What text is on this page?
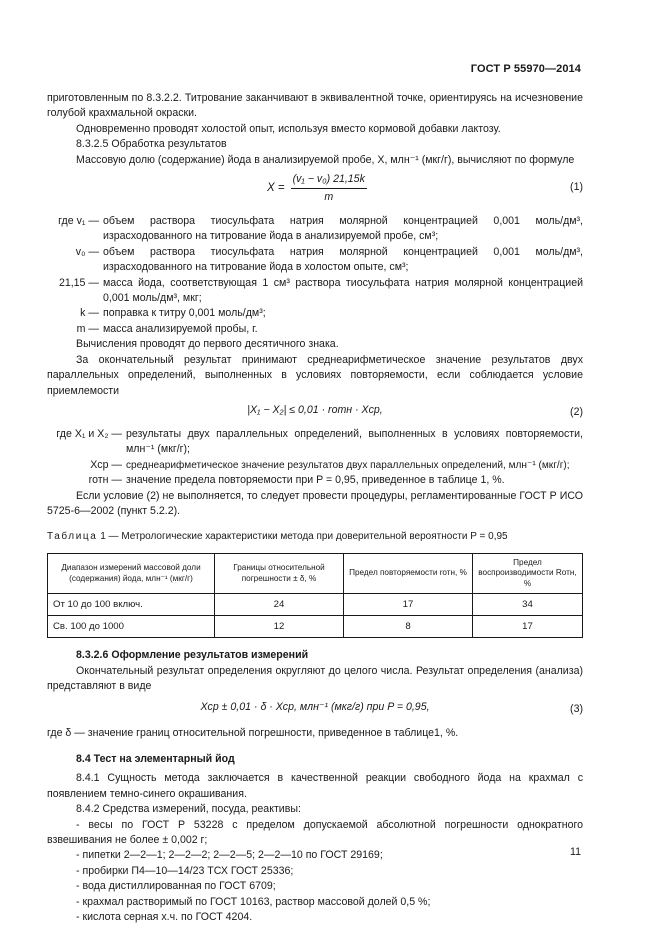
ГОСТ Р 55970—2014

приготовленным по 8.3.2.2. Титрование заканчивают в эквивалентной точке, ориентируясь на исчезновение голубой крахмальной окраски.

Одновременно проводят холостой опыт, используя вместо кормовой добавки лактозу.

8.3.2.5 Обработка результатов

Массовую долю (содержание) йода в анализируемой пробе, X, млн⁻¹ (мкг/г), вычисляют по формуле

$X = \frac{\text{(v₁ − v₀) 21,15k}}{m}$	(1)
где v₁ — объем раствора тиосульфата натрия молярной концентрацией 0,001 моль/дм³, израсходованного на титрование йода в анализируемой пробе, см³;
v₀ — объем раствора тиосульфата натрия молярной концентрацией 0,001 моль/дм³, израсходованного на титрование йода в холостом опыте, см³;
21,15 — масса йода, соответствующая 1 см³ раствора тиосульфата натрия молярной концентрацией 0,001 моль/дм³, мкг;
k — поправка к титру 0,001 моль/дм³;
m — масса анализируемой пробы, г.

Вычисления проводят до первого десятичного знака.

За окончательный результат принимают среднеарифметическое значение результатов двух параллельных определений, выполненных в условиях повторяемости, если соблюдается условие приемлемости

|X₁ − X₂| ≤ 0,01 · rотн · Xср,	(2)
где X₁ и X₂ — результаты двух параллельных определений, выполненных в условиях повторяемости, млн⁻¹ (мкг/г);
Xср — среднеарифметическое значение результатов двух параллельных определений, млн⁻¹ (мкг/г);
rотн — значение предела повторяемости при P = 0,95, приведенное в таблице 1, %.

Если условие (2) не выполняется, то следует провести процедуры, регламентированные ГОСТ Р ИСО 5725-6—2002 (пункт 5.2.2).

Таблица 1 — Метрологические характеристики метода при доверительной вероятности P = 0,95
Диапазон измерений массовой доли (содержания) йода, млн⁻¹ (мкг/г)	Границы относительной погрешности ± δ, %	Предел повторяемости rотн, %	Предел воспроизводимости Rотн, %
От 10 до 100 включ.	24	17	34
Св. 100 до 1000	12	8	17

8.3.2.6 Оформление результатов измерений

Окончательный результат определения округляют до целого числа. Результат определения (анализа) представляют в виде

Xср ± 0,01 · δ · Xср, млн⁻¹ (мкг/г) при P = 0,95,	(3)

где δ — значение границ относительной погрешности, приведенное в таблице1, %.

8.4 Тест на элементарный йод

8.4.1 Сущность метода заключается в качественной реакции свободного йода на крахмал с появлением темно-синего окрашивания.

8.4.2 Средства измерений, посуда, реактивы:

- весы по ГОСТ Р 53228 с пределом допускаемой абсолютной погрешности однократного взвешивания не более ± 0,002 г;

- пипетки 2—2—1; 2—2—2; 2—2—5; 2—2—10 по ГОСТ 29169;

- пробирки П4—10—14/23 ТСХ ГОСТ 25336;

- вода дистиллированная по ГОСТ 6709;

- крахмал растворимый по ГОСТ 10163, раствор массовой долей 0,5 %;

- кислота серная х.ч. по ГОСТ 4204.

11
